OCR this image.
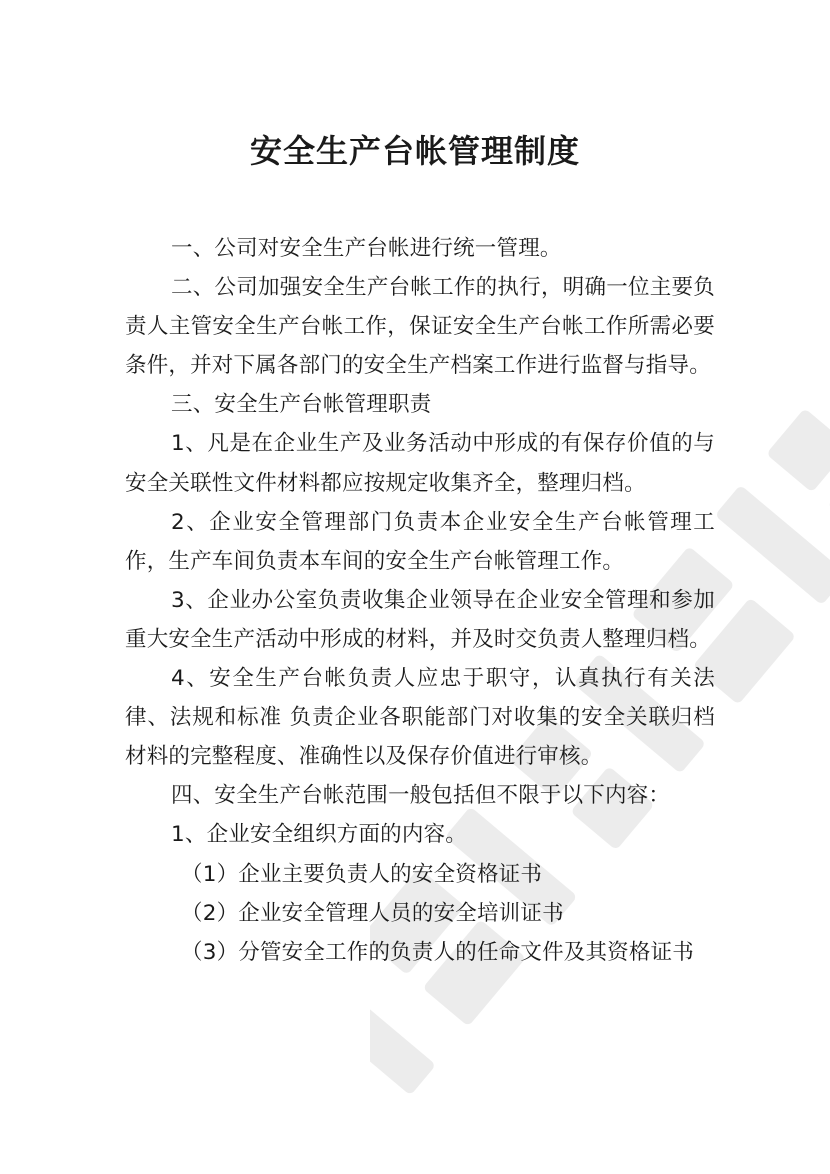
安全生产台帐管理制度

一、公司对安全生产台帐进行统一管理。

二、公司加强安全生产台帐工作的执行，明确一位主要负责人主管安全生产台帐工作，保证安全生产台帐工作所需必要条件，并对下属各部门的安全生产档案工作进行监督与指导。

三、安全生产台帐管理职责

1、凡是在企业生产及业务活动中形成的有保存价值的与安全关联性文件材料都应按规定收集齐全，整理归档。

2、企业安全管理部门负责本企业安全生产台帐管理工作，生产车间负责本车间的安全生产台帐管理工作。

3、企业办公室负责收集企业领导在企业安全管理和参加重大安全生产活动中形成的材料，并及时交负责人整理归档。

4、安全生产台帐负责人应忠于职守，认真执行有关法律、法规和标准 负责企业各职能部门对收集的安全关联归档材料的完整程度、准确性以及保存价值进行审核。

四、安全生产台帐范围一般包括但不限于以下内容：

1、企业安全组织方面的内容。

（1）企业主要负责人的安全资格证书

（2）企业安全管理人员的安全培训证书

（3）分管安全工作的负责人的任命文件及其资格证书
